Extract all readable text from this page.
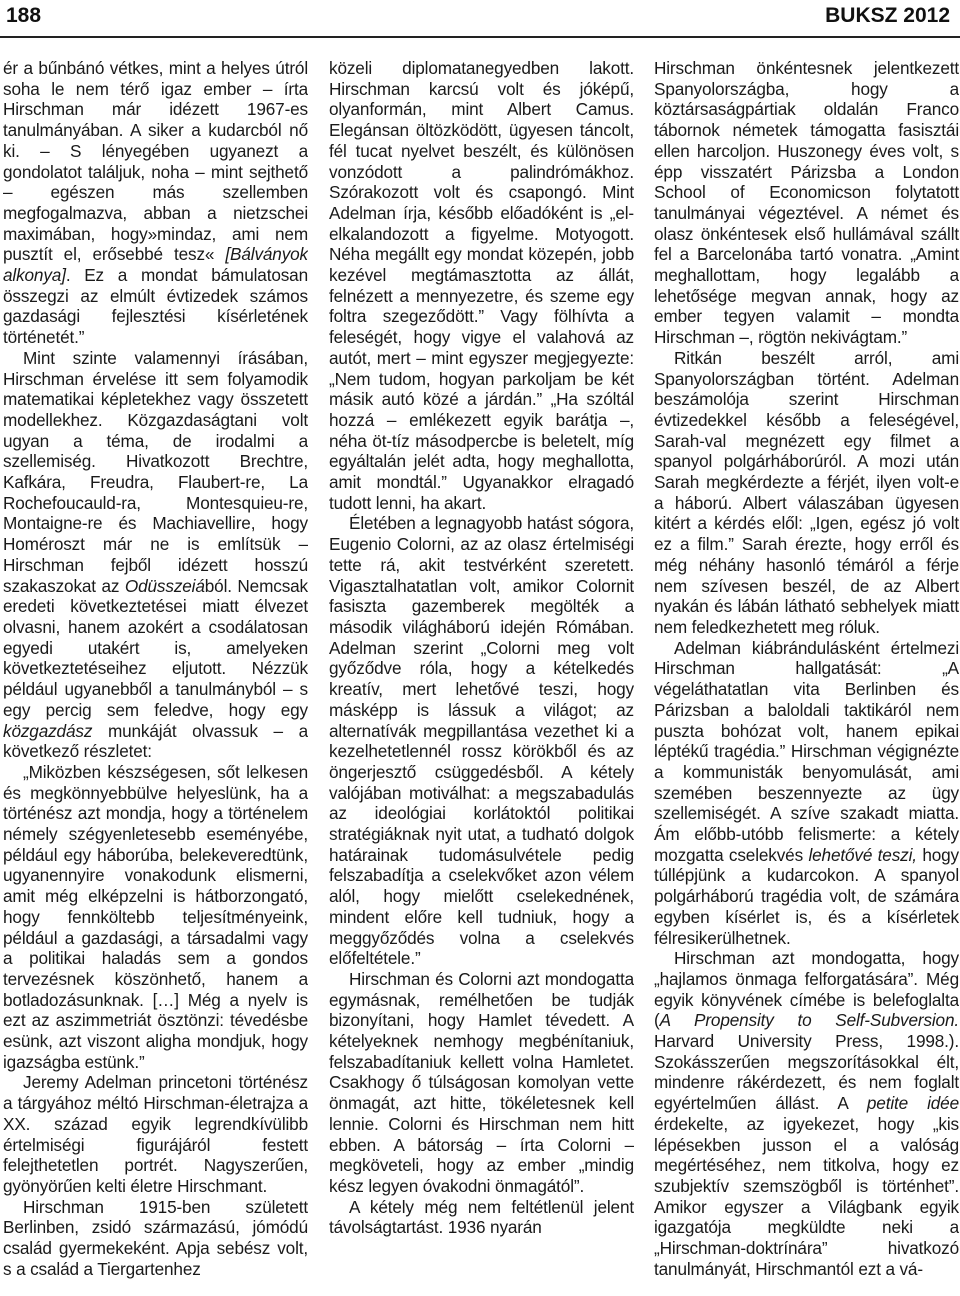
188	BUKSZ 2012

ér a bűnbánó vétkes, mint a helyes útról soha le nem térő igaz ember – írta Hirschman már idézett 1967-es tanulmányában. A siker a kudarcból nő ki. – S lényegében ugyanezt a gondolatot találjuk, noha – mint sejthető – egészen más szellemben megfogalmazva, abban a nietzschei maximában, hogy»mindaz, ami nem pusztít el, erősebbé tesz« [Bálványok alkonya]. Ez a mondat bámulatosan összegzi az elmúlt évtizedek számos gazdasági fejlesztési kísérletének történetét.”

Mint szinte valamennyi írásában, Hirschman érvelése itt sem folyamodik matematikai képletekhez vagy összetett modellekhez. Közgazdaságtani volt ugyan a téma, de irodalmi a szellemiség. Hivatkozott Brechtre, Kafkára, Freudra, Flaubert-re, La Rochefoucauld-ra, Montesquieu-re, Montaigne-re és Machiavellire, hogy Homéroszt már ne is említsük – Hirschman fejből idézett hosszú szakaszokat az Odüsszeiából. Nemcsak eredeti következtetései miatt élvezet olvasni, hanem azokért a csodálatosan egyedi utakért is, amelyeken következtetéseihez eljutott. Nézzük például ugyanebből a tanulmányból – s egy percig sem feledve, hogy egy közgazdász munkáját olvassuk – a következő részletet:

„Miközben készségesen, sőt lelkesen és megkönnyebbülve helyeslünk, ha a történész azt mondja, hogy a történelem némely szégyenletesebb eseményébe, például egy háborúba, belekeveredtünk, ugyanennyire vonakodunk elismerni, amit még elképzelni is hátborzongató, hogy fennköltebb teljesítményeink, például a gazdasági, a társadalmi vagy a politikai haladás sem a gondos tervezésnek köszönhető, hanem a botladozásunknak. […] Még a nyelv is ezt az aszimmetriát ösztönzi: tévedésbe esünk, azt viszont aligha mondjuk, hogy igazságba estünk.”

Jeremy Adelman princetoni történész a tárgyához méltó Hirschman-életrajza a XX. század egyik legrendkívülibb értelmiségi figurájáról festett felejthetetlen portrét. Nagyszerűen, gyönyörűen kelti életre Hirschmant.

Hirschman 1915-ben született Berlinben, zsidó származású, jómódú család gyermekeként. Apja sebész volt, s a család a Tiergartenhez

közeli diplomatanegyedben lakott. Hirschman karcsú volt és jóképű, olyanformán, mint Albert Camus. Elegánsan öltözködött, ügyesen táncolt, fél tucat nyelvet beszélt, és különösen vonzódott a palindrómákhoz. Szórakozott volt és csapongó. Mint Adelman írja, később előadóként is „el-elkalandozott a figyelme. Motyogott. Néha megállt egy mondat közepén, jobb kezével megtámasztotta az állát, felnézett a mennyezetre, és szeme egy foltra szegeződött.” Vagy fölhívta a feleségét, hogy vigye el valahová az autót, mert – mint egyszer megjegyezte: „Nem tudom, hogyan parkoljam be két másik autó közé a járdán.” „Ha szóltál hozzá – emlékezett egyik barátja –, néha öt-tíz másodpercbe is beletelt, míg egyáltalán jelét adta, hogy meghallotta, amit mondtál.” Ugyanakkor elragadó tudott lenni, ha akart.

Életében a legnagyobb hatást sógora, Eugenio Colorni, az az olasz értelmiségi tette rá, akit testvérként szeretett. Vigasztalhatatlan volt, amikor Colornit fasiszta gazemberek megölték a második világháború idején Rómában. Adelman szerint „Colorni meg volt győződve róla, hogy a kételkedés kreatív, mert lehetővé teszi, hogy másképp is lássuk a világot; az alternatívák megpillantása vezethet ki a kezelhetetlennél rossz körökből és az öngerjesztő csüggedésből. A kétely valójában motiválhat: a megszabadulás az ideológiai korlátoktól politikai stratégiáknak nyit utat, a tudható dolgok határainak tudomásulvétele pedig felszabadítja a cselekvőket azon vélem alól, hogy mielőtt cselekednének, mindent előre kell tudniuk, hogy a meggyőződés volna a cselekvés előfeltétele.”

Hirschman és Colorni azt mondogatta egymásnak, remélhetően be tudják bizonyítani, hogy Hamlet tévedett. A kételyeknek nemhogy megbénítaniuk, felszabadítaniuk kellett volna Hamletet. Csakhogy ő túlságosan komolyan vette önmagát, azt hitte, tökéletesnek kell lennie. Colorni és Hirschman nem hitt ebben. A bátorság – írta Colorni – megköveteli, hogy az ember „mindig kész legyen óvakodni önmagától”.

A kétely még nem feltétlenül jelent távolságtartást. 1936 nyarán

Hirschman önkéntesnek jelentkezett Spanyolországba, hogy a köztársaságpártiak oldalán Franco tábornok németek támogatta fasisztái ellen harcoljon. Huszonegy éves volt, s épp visszatért Párizsba a London School of Economicson folytatott tanulmányai végeztével. A német és olasz önkéntesek első hullámával szállt fel a Barcelonába tartó vonatra. „Amint meghallottam, hogy legalább a lehetősége megvan annak, hogy az ember tegyen valamit – mondta Hirschman –, rögtön nekivágtam.”

Ritkán beszélt arról, ami Spanyolországban történt. Adelman beszámolója szerint Hirschman évtizedekkel később a feleségével, Sarah-val megnézett egy filmet a spanyol polgárháborúról. A mozi után Sarah megkérdezte a férjét, ilyen volt-e a háború. Albert válaszában ügyesen kitért a kérdés elől: „Igen, egész jó volt ez a film.” Sarah érezte, hogy erről és még néhány hasonló témáról a férje nem szívesen beszél, de az Albert nyakán és lábán látható sebhelyek miatt nem feledkezhetett meg róluk.

Adelman kiábrándulásként értelmezi Hirschman hallgatását: „A végeláthatatlan vita Berlinben és Párizsban a baloldali taktikáról nem puszta bohózat volt, hanem epikai léptékű tragédia.” Hirschman végignézte a kommunisták benyomulását, ami szemében beszennyezte az ügy szellemiségét. A szíve szakadt miatta. Ám előbb-utóbb felismerte: a kétely mozgatta cselekvés lehetővé teszi, hogy túllépjünk a kudarcokon. A spanyol polgárháború tragédia volt, de számára egyben kísérlet is, és a kísérletek félresikerülhetnek.

Hirschman azt mondogatta, hogy „hajlamos önmaga felforgatására”. Még egyik könyvének címébe is belefoglalta (A Propensity to Self-Subversion. Harvard University Press, 1998.). Szokásszerűen megszorításokkal élt, mindenre rákérdezett, és nem foglalt egyértelműen állást. A petite idée érdekelte, az igyekezet, hogy „kis lépésekben jusson el a valóság megértéséhez, nem titkolva, hogy ez szubjektív szemszögből is történhet”. Amikor egyszer a Világbank egyik igazgatója megküldte neki a „Hirschman-doktrínára” hivatkozó tanulmányát, Hirschmantól ezt a vá-
